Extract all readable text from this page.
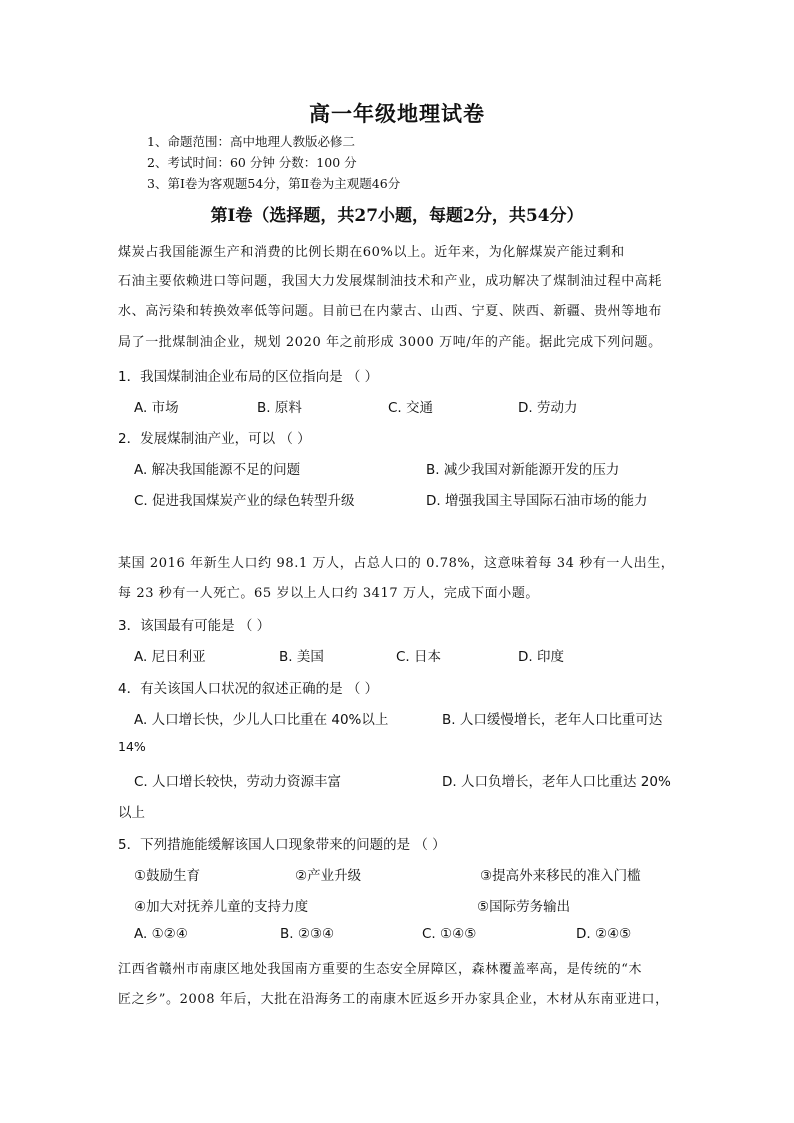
高一年级地理试卷
1、命题范围：高中地理人教版必修二
2、考试时间：60 分钟 分数：100 分
3、第Ⅰ卷为客观题54分，第Ⅱ卷为主观题46分
第Ⅰ卷（选择题，共27小题，每题2分，共54分）
煤炭占我国能源生产和消费的比例长期在60%以上。近年来，为化解煤炭产能过剩和
石油主要依赖进口等问题，我国大力发展煤制油技术和产业，成功解决了煤制油过程中高耗
水、高污染和转换效率低等问题。目前已在内蒙古、山西、宁夏、陕西、新疆、贵州等地布
局了一批煤制油企业，规划 2020 年之前形成 3000 万吨/年的产能。据此完成下列问题。
1．我国煤制油企业布局的区位指向是 （ ）
A. 市场	B. 原料	C. 交通	D. 劳动力
2．发展煤制油产业，可以 （ ）
A. 解决我国能源不足的问题	B. 减少我国对新能源开发的压力
C. 促进我国煤炭产业的绿色转型升级	D. 增强我国主导国际石油市场的能力
某国 2016 年新生人口约 98.1 万人，占总人口的 0.78%，这意味着每 34 秒有一人出生，
每 23 秒有一人死亡。65 岁以上人口约 3417 万人，完成下面小题。
3．该国最有可能是 （ ）
A. 尼日利亚	B. 美国	C. 日本	D. 印度
4．有关该国人口状况的叙述正确的是 （ ）
A. 人口增长快，少儿人口比重在 40%以上	B. 人口缓慢增长，老年人口比重可达
14%
C. 人口增长较快，劳动力资源丰富	D. 人口负增长，老年人口比重达 20%
以上
5．下列措施能缓解该国人口现象带来的问题的是 （ ）
①鼓励生育	②产业升级	③提高外来移民的准入门槛
④加大对抚养儿童的支持力度	⑤国际劳务输出
A. ①②④	B. ②③④	C. ①④⑤	D. ②④⑤
江西省赣州市南康区地处我国南方重要的生态安全屏障区，森林覆盖率高，是传统的“木
匠之乡”。2008 年后，大批在沿海务工的南康木匠返乡开办家具企业，木材从东南亚进口，
